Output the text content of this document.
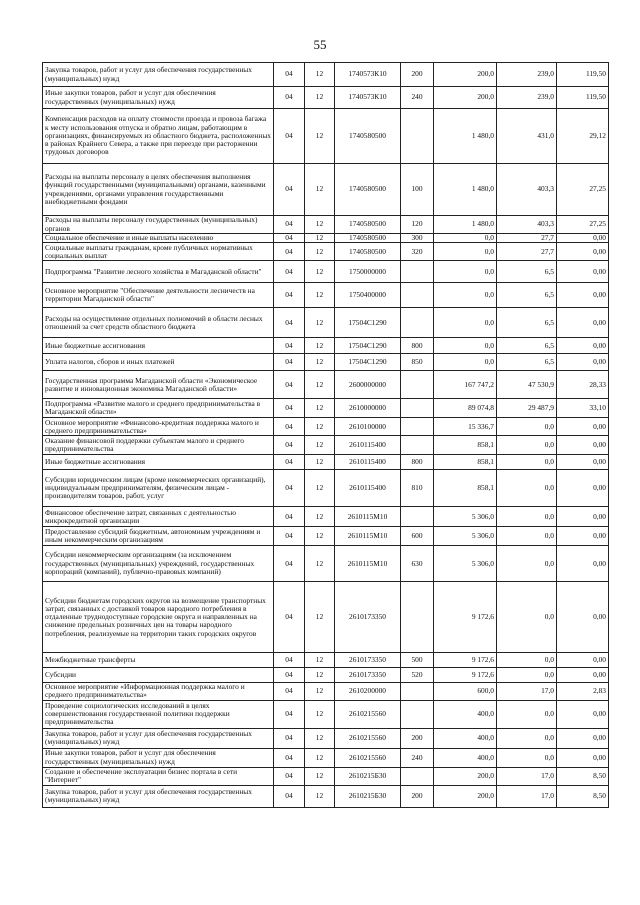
55
Закупка товаров, работ и услуг для обеспечения государственных (муниципальных) нужд	04	12	1740573К10	200	200,0	239,0	119,50
Иные закупки товаров, работ и услуг для обеспечения государственных (муниципальных) нужд	04	12	1740573К10	240	200,0	239,0	119,50
Компенсация расходов на оплату стоимости проезда и провоза багажа к месту использования отпуска и обратно лицам, работающим в организациях, финансируемых из областного бюджета, расположенных в районах Крайнего Севера, а также при переезде при расторжении трудовых договоров	04	12	1740580500		1 480,0	431,0	29,12
Расходы на выплаты персоналу в целях обеспечения выполнения функций государственными (муниципальными) органами, казенными учреждениями, органами управления государственными внебюджетными фондами	04	12	1740580500	100	1 480,0	403,3	27,25
Расходы на выплаты персоналу государственных (муниципальных) органов	04	12	1740580500	120	1 480,0	403,3	27,25
Социальное обеспечение и иные выплаты населению	04	12	1740580500	300	0,0	27,7	0,00
Социальные выплаты гражданам, кроме публичных нормативных социальных выплат	04	12	1740580500	320	0,0	27,7	0,00
Подпрограмма "Развитие лесного хозяйства в Магаданской области"	04	12	1750000000		0,0	6,5	0,00
Основное мероприятие "Обеспечение деятельности лесничеств на территории Магаданской области"	04	12	1750400000		0,0	6,5	0,00
Расходы на осуществление отдельных полномочий в области лесных отношений за счет средств областного бюджета	04	12	17504С1290		0,0	6,5	0,00
Иные бюджетные ассигнования	04	12	17504С1290	800	0,0	6,5	0,00
Уплата налогов, сборов и иных платежей	04	12	17504С1290	850	0,0	6,5	0,00
Государственная программа Магаданской области «Экономическое развитие и инновационная экономика Магаданской области»	04	12	2600000000		167 747,2	47 530,9	28,33
Подпрограмма «Развитие малого и среднего предпринимательства в Магаданской области»	04	12	2610000000		89 074,8	29 487,9	33,10
Основное мероприятие «Финансово-кредитная поддержка малого и среднего предпринимательства»	04	12	2610100000		15 336,7	0,0	0,00
Оказание финансовой поддержки субъектам малого и среднего предпринимательства	04	12	2610115400		858,1	0,0	0,00
Иные бюджетные ассигнования	04	12	2610115400	800	858,1	0,0	0,00
Субсидии юридическим лицам (кроме некоммерческих организаций), индивидуальным предпринимателям, физическим лицам - производителям товаров, работ, услуг	04	12	2610115400	810	858,1	0,0	0,00
Финансовое обеспечение затрат, связанных с деятельностью микрокредитной организации	04	12	2610115М10		5 306,0	0,0	0,00
Предоставление субсидий бюджетным, автономным учреждениям и иным некоммерческим организациям	04	12	2610115М10	600	5 306,0	0,0	0,00
Субсидии некоммерческим организациям (за исключением государственных (муниципальных) учреждений, государственных корпораций (компаний), публично-правовых компаний)	04	12	2610115М10	630	5 306,0	0,0	0,00
Субсидии бюджетам городских округов на возмещение транспортных затрат, связанных с доставкой товаров народного потребления в отдаленные труднодоступные городские округа и направленных на снижение предельных розничных цен на товары народного потребления, реализуемые на территории таких городских округов	04	12	2610173350		9 172,6	0,0	0,00
Межбюджетные трансферты	04	12	2610173350	500	9 172,6	0,0	0,00
Субсидии	04	12	2610173350	520	9 172,6	0,0	0,00
Основное мероприятие «Информационная поддержка малого и среднего предпринимательства»	04	12	2610200000		600,0	17,0	2,83
Проведение социологических исследований в целях совершенствования государственной политики поддержки предпринимательства	04	12	2610215560		400,0	0,0	0,00
Закупка товаров, работ и услуг для обеспечения государственных (муниципальных) нужд	04	12	2610215560	200	400,0	0,0	0,00
Иные закупки товаров, работ и услуг для обеспечения государственных (муниципальных) нужд	04	12	2610215560	240	400,0	0,0	0,00
Создание и обеспечение эксплуатации бизнес портала в сети "Интернет"	04	12	2610215Б30		200,0	17,0	8,50
Закупка товаров, работ и услуг для обеспечения государственных (муниципальных) нужд	04	12	2610215Б30	200	200,0	17,0	8,50
